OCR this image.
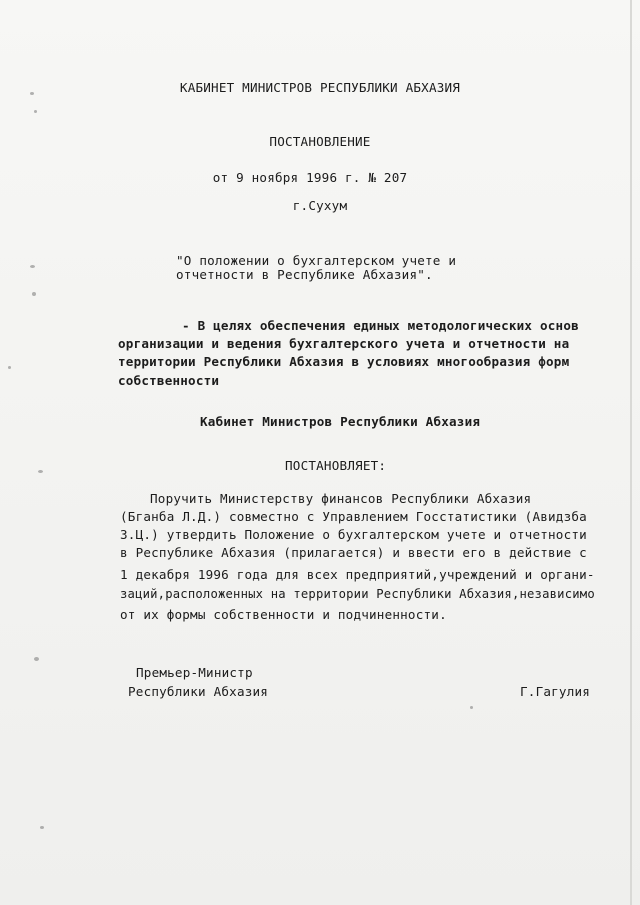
КАБИНЕТ МИНИСТРОВ РЕСПУБЛИКИ АБХАЗИЯ
ПОСТАНОВЛЕНИЕ
от 9 ноября 1996 г. № 207
г.Сухум
"О положении о бухгалтерском учете и
отчетности в Республике Абхазия".
- В целях обеспечения единых методологических основ
организации и ведения бухгалтерского учета и отчетности на
территории Республики Абхазия в условиях многообразия форм
собственности
Кабинет Министров Республики Абхазия
ПОСТАНОВЛЯЕТ:
Поручить Министерству финансов Республики Абхазия
(Бганба Л.Д.) совместно с Управлением Госстатистики (Авидзба
З.Ц.) утвердить Положение о бухгалтерском учете и отчетности
в Республике Абхазия (прилагается) и ввести его в действие с
1 декабря 1996 года для всех предприятий,учреждений и органи-
заций,расположенных на территории Республики Абхазия,независимо
от их формы собственности и подчиненности.
Премьер-Министр
Республики Абхазия	Г.Гагулия
